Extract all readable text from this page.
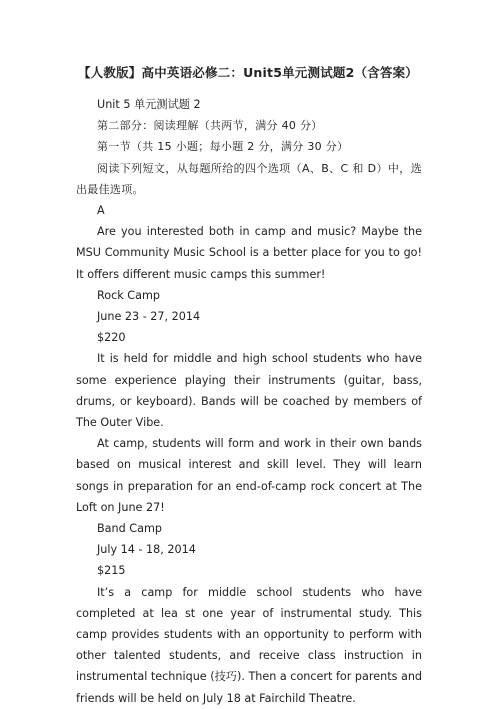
【人教版】高中英语必修二：Unit5单元测试题2（含答案）

Unit 5 单元测试题 2

第二部分：阅读理解（共两节，满分 40 分）

第一节（共 15 小题；每小题 2 分，满分 30 分）

阅读下列短文，从每题所给的四个选项（A、B、C 和 D）中，选出最佳选项。

A

Are you interested both in camp and music? Maybe the MSU Community Music School is a better place for you to go! It offers different music camps this summer!

Rock Camp

June 23 - 27, 2014

$220

It is held for middle and high school students who have some experience playing their instruments (guitar, bass, drums, or keyboard). Bands will be coached by members of The Outer Vibe.

At camp, students will form and work in their own bands based on musical interest and skill level. They will learn songs in preparation for an end-of-camp rock concert at The Loft on June 27!

Band Camp

July 14 - 18, 2014

$215

It’s a camp for middle school students who have completed at lea st one year of instrumental study. This camp provides students with an opportunity to perform with other talented students, and receive class instruction in instrumental technique (技巧). Then a concert for parents and friends will be held on July 18 at Fairchild Theatre.
